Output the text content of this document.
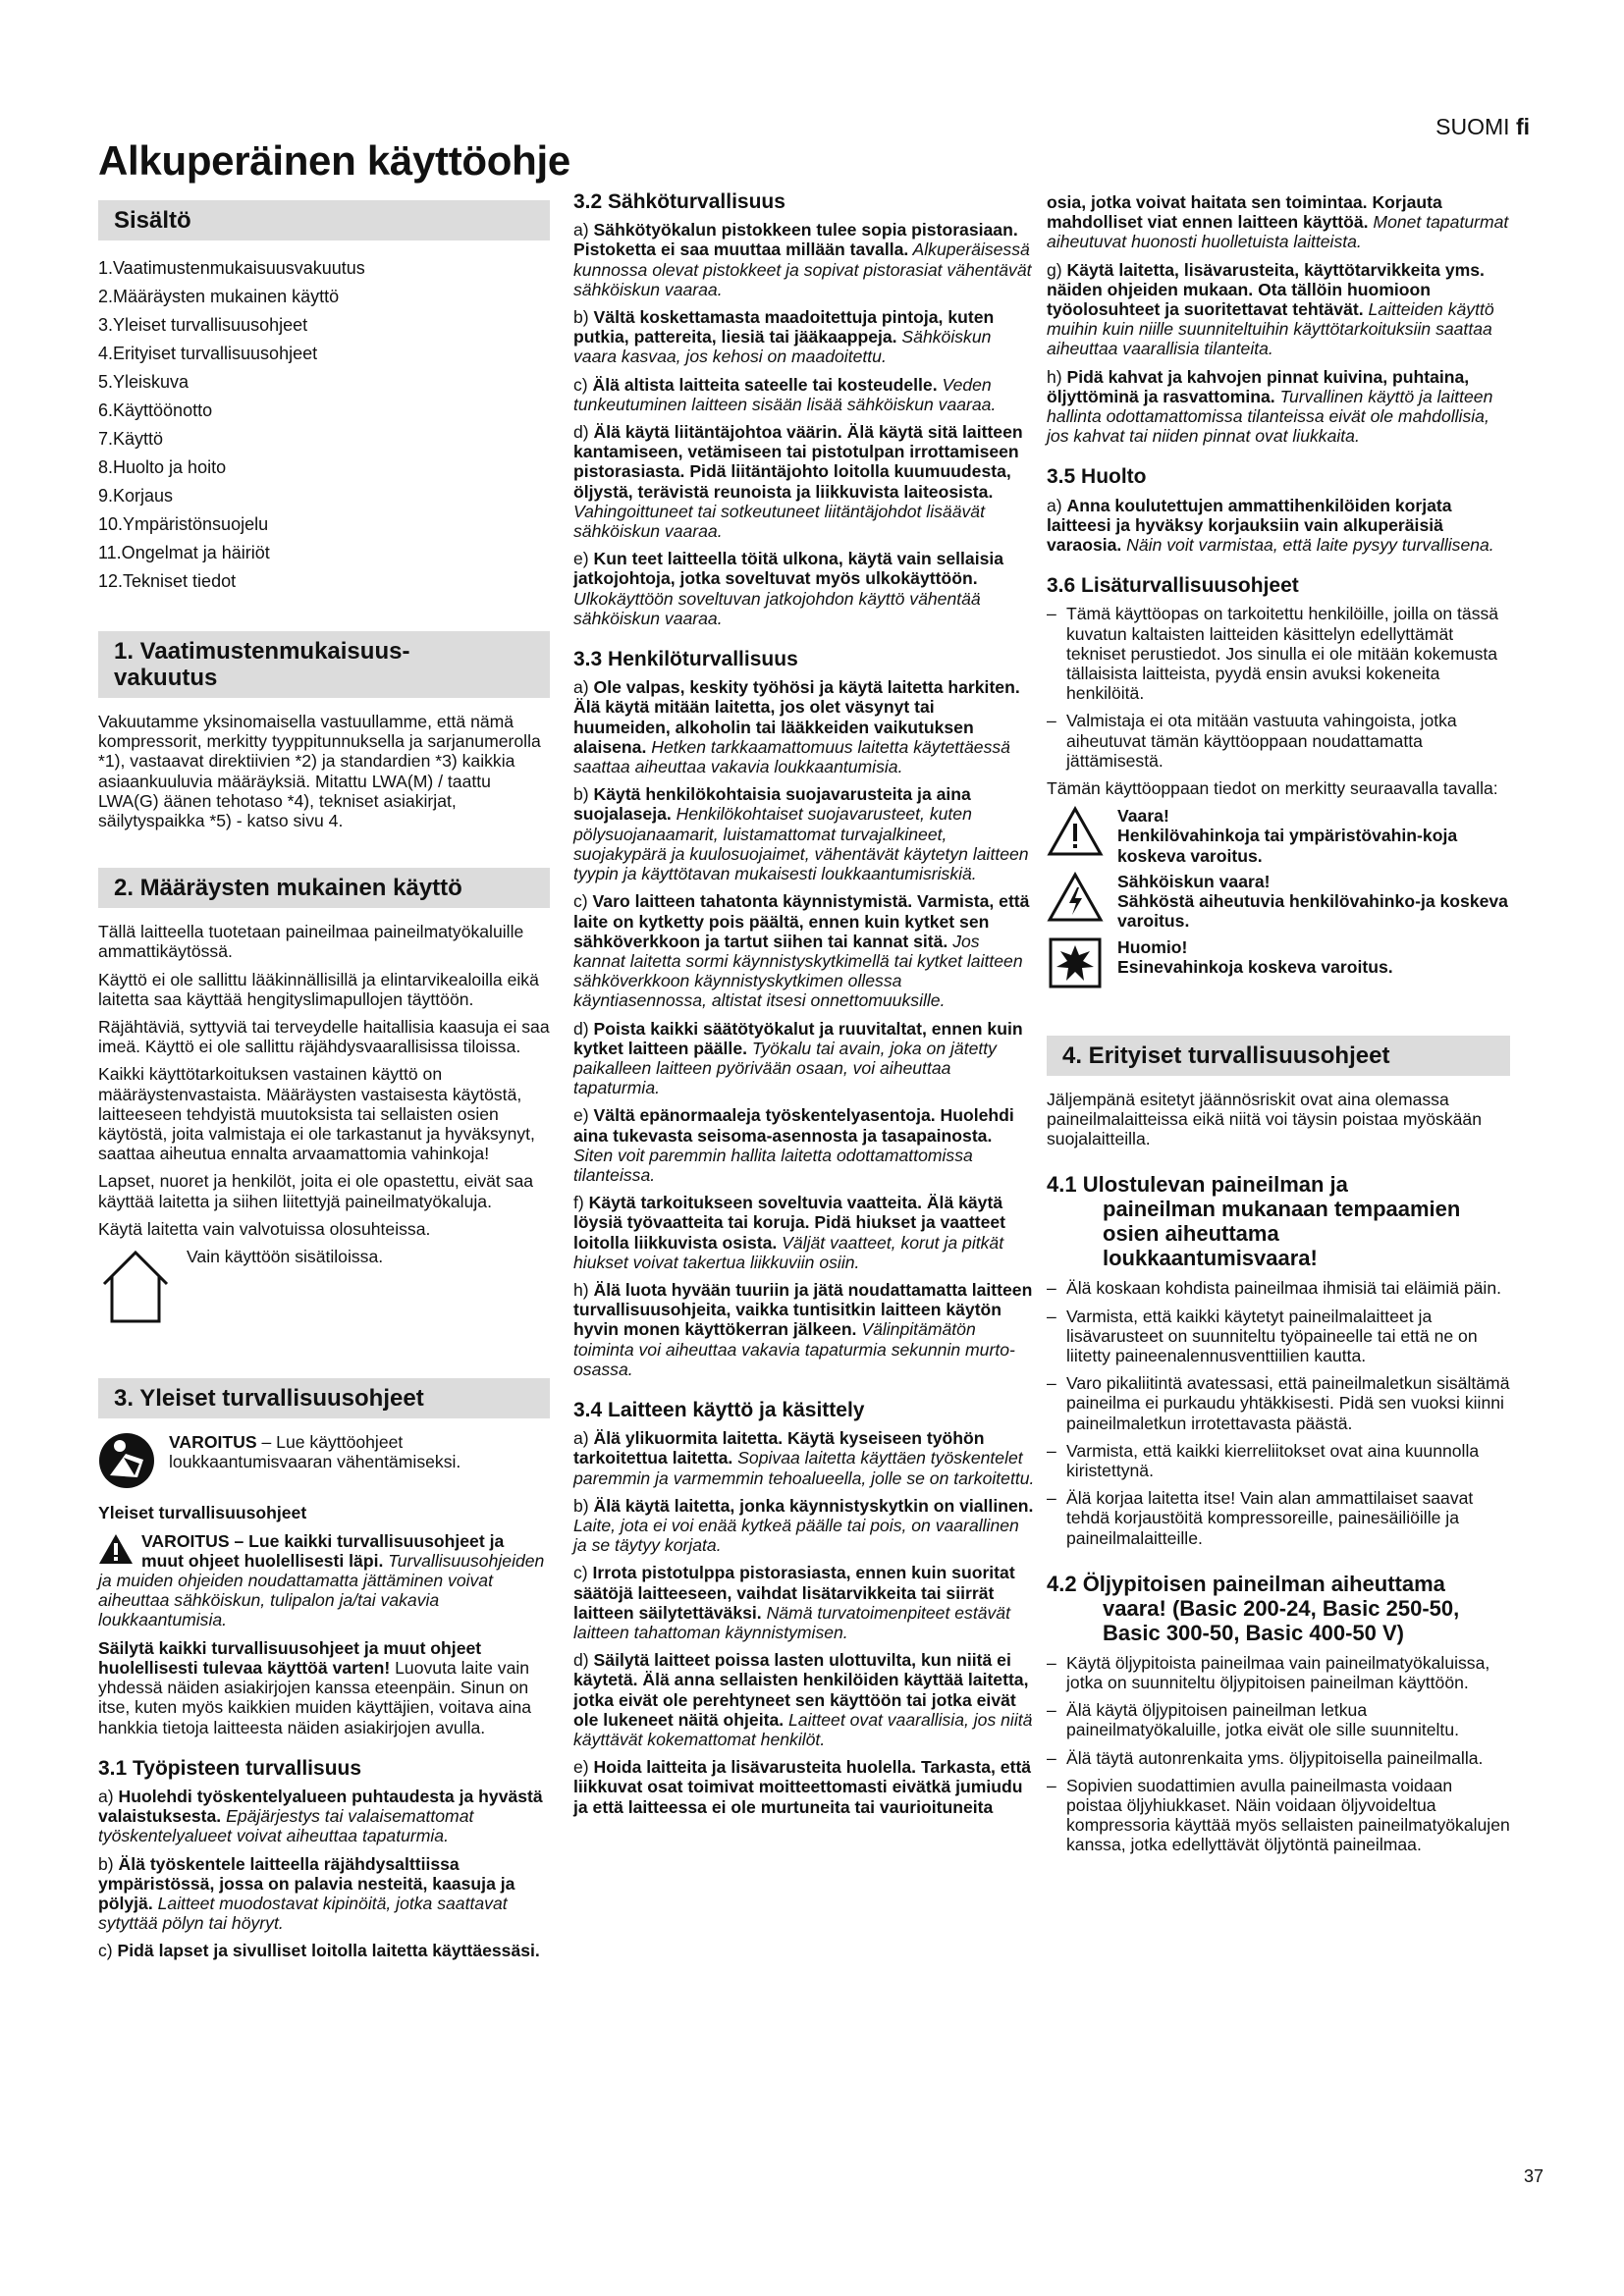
SUOMI fi
Alkuperäinen käyttöohje
37
Sisältö
1.Vaatimustenmukaisuusvakuutus
2.Määräysten mukainen käyttö
3.Yleiset turvallisuusohjeet
4.Erityiset turvallisuusohjeet
5.Yleiskuva
6.Käyttöönotto
7.Käyttö
8.Huolto ja hoito
9.Korjaus
10.Ympäristönsuojelu
11.Ongelmat ja häiriöt
12.Tekniset tiedot
1. Vaatimustenmukaisuus-
vakuutus

Vakuutamme yksinomaisella vastuullamme, että nämä kompressorit, merkitty tyyppitunnuksella ja sarjanumerolla *1), vastaavat direktiivien *2) ja standardien *3) kaikkia asiaankuuluvia määräyksiä. Mitattu LWA(M) / taattu LWA(G) äänen tehotaso *4), tekniset asiakirjat, säilytyspaikka *5) - katso sivu 4.

2. Määräysten mukainen käyttö

Tällä laitteella tuotetaan paineilmaa paineilmatyökaluille ammattikäytössä.

Käyttö ei ole sallittu lääkinnällisillä ja elintarvikealoilla eikä laitetta saa käyttää hengityslimapullojen täyttöön.

Räjähtäviä, syttyviä tai terveydelle haitallisia kaasuja ei saa imeä. Käyttö ei ole sallittu räjähdysvaarallisissa tiloissa.

Kaikki käyttötarkoituksen vastainen käyttö on määräystenvastaista. Määräysten vastaisesta käytöstä, laitteeseen tehdyistä muutoksista tai sellaisten osien käytöstä, joita valmistaja ei ole tarkastanut ja hyväksynyt, saattaa aiheutua ennalta arvaamattomia vahinkoja!

Lapset, nuoret ja henkilöt, joita ei ole opastettu, eivät saa käyttää laitetta ja siihen liitettyjä paineilmatyökaluja.

Käytä laitetta vain valvotuissa olosuhteissa.

Vain käyttöön sisätiloissa.
3. Yleiset turvallisuusohjeet
VAROITUS – Lue käyttöohjeet loukkaantumisvaaran vähentämiseksi.

Yleiset turvallisuusohjeet

VAROITUS – Lue kaikki turvallisuusohjeet ja muut ohjeet huolellisesti läpi. Turvallisuusohjeiden ja muiden ohjeiden noudattamatta jättäminen voivat aiheuttaa sähköiskun, tulipalon ja/tai vakavia loukkaantumisia.

Säilytä kaikki turvallisuusohjeet ja muut ohjeet huolellisesti tulevaa käyttöä varten! Luovuta laite vain yhdessä näiden asiakirjojen kanssa eteenpäin. Sinun on itse, kuten myös kaikkien muiden käyttäjien, voitava aina hankkia tietoja laitteesta näiden asiakirjojen avulla.

3.1 Työpisteen turvallisuus

a) Huolehdi työskentelyalueen puhtaudesta ja hyvästä valaistuksesta. Epäjärjestys tai valaisemattomat työskentelyalueet voivat aiheuttaa tapaturmia.

b) Älä työskentele laitteella räjähdysalttiissa ympäristössä, jossa on palavia nesteitä, kaasuja ja pölyjä. Laitteet muodostavat kipinöitä, jotka saattavat sytyttää pölyn tai höyryt.

c) Pidä lapset ja sivulliset loitolla laitetta käyttäessäsi.

3.2 Sähköturvallisuus

a) Sähkötyökalun pistokkeen tulee sopia pistorasiaan. Pistoketta ei saa muuttaa millään tavalla. Alkuperäisessä kunnossa olevat pistokkeet ja sopivat pistorasiat vähentävät sähköiskun vaaraa.

b) Vältä koskettamasta maadoitettuja pintoja, kuten putkia, pattereita, liesiä tai jääkaappeja. Sähköiskun vaara kasvaa, jos kehosi on maadoitettu.

c) Älä altista laitteita sateelle tai kosteudelle. Veden tunkeutuminen laitteen sisään lisää sähköiskun vaaraa.

d) Älä käytä liitäntäjohtoa väärin. Älä käytä sitä laitteen kantamiseen, vetämiseen tai pistotulpan irrottamiseen pistorasiasta. Pidä liitäntäjohto loitolla kuumuudesta, öljystä, terävistä reunoista ja liikkuvista laiteosista. Vahingoittuneet tai sotkeutuneet liitäntäjohdot lisäävät sähköiskun vaaraa.

e) Kun teet laitteella töitä ulkona, käytä vain sellaisia jatkojohtoja, jotka soveltuvat myös ulkokäyttöön. Ulkokäyttöön soveltuvan jatkojohdon käyttö vähentää sähköiskun vaaraa.

3.3 Henkilöturvallisuus

a) Ole valpas, keskity työhösi ja käytä laitetta harkiten. Älä käytä mitään laitetta, jos olet väsynyt tai huumeiden, alkoholin tai lääkkeiden vaikutuksen alaisena. Hetken tarkkaamattomuus laitetta käytettäessä saattaa aiheuttaa vakavia loukkaantumisia.

b) Käytä henkilökohtaisia suojavarusteita ja aina suojalaseja. Henkilökohtaiset suojavarusteet, kuten pölysuojanaamarit, luistamattomat turvajalkineet, suojakypärä ja kuulosuojaimet, vähentävät käytetyn laitteen tyypin ja käyttötavan mukaisesti loukkaantumisriskiä.

c) Varo laitteen tahatonta käynnistymistä. Varmista, että laite on kytketty pois päältä, ennen kuin kytket sen sähköverkkoon ja tartut siihen tai kannat sitä. Jos kannat laitetta sormi käynnistyskytkimellä tai kytket laitteen sähköverkkoon käynnistyskytkimen ollessa käyntiasennossa, altistat itsesi onnettomuuksille.

d) Poista kaikki säätötyökalut ja ruuvitaltat, ennen kuin kytket laitteen päälle. Työkalu tai avain, joka on jätetty paikalleen laitteen pyörivään osaan, voi aiheuttaa tapaturmia.

e) Vältä epänormaaleja työskentelyasentoja. Huolehdi aina tukevasta seisoma-asennosta ja tasapainosta. Siten voit paremmin hallita laitetta odottamattomissa tilanteissa.

f) Käytä tarkoitukseen soveltuvia vaatteita. Älä käytä löysiä työvaatteita tai koruja. Pidä hiukset ja vaatteet loitolla liikkuvista osista. Väljät vaatteet, korut ja pitkät hiukset voivat takertua liikkuviin osiin.

h) Älä luota hyvään tuuriin ja jätä noudattamatta laitteen turvallisuusohjeita, vaikka tuntisitkin laitteen käytön hyvin monen käyttökerran jälkeen. Välinpitämätön toiminta voi aiheuttaa vakavia tapaturmia sekunnin murto-osassa.

3.4 Laitteen käyttö ja käsittely

a) Älä ylikuormita laitetta. Käytä kyseiseen työhön tarkoitettua laitetta. Sopivaa laitetta käyttäen työskentelet paremmin ja varmemmin tehoalueella, jolle se on tarkoitettu.

b) Älä käytä laitetta, jonka käynnistyskytkin on viallinen. Laite, jota ei voi enää kytkeä päälle tai pois, on vaarallinen ja se täytyy korjata.

c) Irrota pistotulppa pistorasiasta, ennen kuin suoritat säätöjä laitteeseen, vaihdat lisätarvikkeita tai siirrät laitteen säilytettäväksi. Nämä turvatoimenpiteet estävät laitteen tahattoman käynnistymisen.

d) Säilytä laitteet poissa lasten ulottuvilta, kun niitä ei käytetä. Älä anna sellaisten henkilöiden käyttää laitetta, jotka eivät ole perehtyneet sen käyttöön tai jotka eivät ole lukeneet näitä ohjeita. Laitteet ovat vaarallisia, jos niitä käyttävät kokemattomat henkilöt.

e) Hoida laitteita ja lisävarusteita huolella. Tarkasta, että liikkuvat osat toimivat moitteettomasti eivätkä jumiudu ja että laitteessa ei ole murtuneita tai vaurioituneita

osia, jotka voivat haitata sen toimintaa. Korjauta mahdolliset viat ennen laitteen käyttöä. Monet tapaturmat aiheutuvat huonosti huolletuista laitteista.

g) Käytä laitetta, lisävarusteita, käyttötarvikkeita yms. näiden ohjeiden mukaan. Ota tällöin huomioon työolosuhteet ja suoritettavat tehtävät. Laitteiden käyttö muihin kuin niille suunniteltuihin käyttötarkoituksiin saattaa aiheuttaa vaarallisia tilanteita.

h) Pidä kahvat ja kahvojen pinnat kuivina, puhtaina, öljyttöminä ja rasvattomina. Turvallinen käyttö ja laitteen hallinta odottamattomissa tilanteissa eivät ole mahdollisia, jos kahvat tai niiden pinnat ovat liukkaita.

3.5 Huolto

a) Anna koulutettujen ammattihenkilöiden korjata laitteesi ja hyväksy korjauksiin vain alkuperäisiä varaosia. Näin voit varmistaa, että laite pysyy turvallisena.

3.6 Lisäturvallisuusohjeet
– Tämä käyttöopas on tarkoitettu henkilöille, joilla on tässä kuvatun kaltaisten laitteiden käsittelyn edellyttämät tekniset perustiedot. Jos sinulla ei ole mitään kokemusta tällaisista laitteista, pyydä ensin avuksi kokeneita henkilöitä.
– Valmistaja ei ota mitään vastuuta vahingoista, jotka aiheutuvat tämän käyttöoppaan noudattamatta jättämisestä.

Tämän käyttöoppaan tiedot on merkitty seuraavalla tavalla:

Vaara!
Henkilövahinkoja tai ympäristövahin-koja koskeva varoitus.
Sähköiskun vaara!
Sähköstä aiheutuvia henkilövahinko-ja koskeva varoitus.
Huomio!
Esinevahinkoja koskeva varoitus.
4. Erityiset turvallisuusohjeet

Jäljempänä esitetyt jäännösriskit ovat aina olemassa paineilmalaitteissa eikä niitä voi täysin poistaa myöskään suojalaitteilla.

4.1 Ulostulevan paineilman ja
paineilman mukanaan tempaamien
osien aiheuttama
loukkaantumisvaara!
– Älä koskaan kohdista paineilmaa ihmisiä tai eläimiä päin.
– Varmista, että kaikki käytetyt paineilmalaitteet ja lisävarusteet on suunniteltu työpaineelle tai että ne on liitetty paineenalennusventtiilien kautta.
– Varo pikaliitintä avatessasi, että paineilmaletkun sisältämä paineilma ei purkaudu yhtäkkisesti. Pidä sen vuoksi kiinni paineilmaletkun irrotettavasta päästä.
– Varmista, että kaikki kierreliitokset ovat aina kuunnolla kiristettynä.
– Älä korjaa laitetta itse! Vain alan ammattilaiset saavat tehdä korjaustöitä kompressoreille, painesäiliöille ja paineilmalaitteille.
4.2 Öljypitoisen paineilman aiheuttama
vaara! (Basic 200-24, Basic 250-50,
Basic 300-50, Basic 400-50 V)
– Käytä öljypitoista paineilmaa vain paineilmatyökaluissa, jotka on suunniteltu öljypitoisen paineilman käyttöön.
– Älä käytä öljypitoisen paineilman letkua paineilmatyökaluille, jotka eivät ole sille suunniteltu.
– Älä täytä autonrenkaita yms. öljypitoisella paineilmalla.
– Sopivien suodattimien avulla paineilmasta voidaan poistaa öljyhiukkaset. Näin voidaan öljyvoideltua kompressoria käyttää myös sellaisten paineilmatyökalujen kanssa, jotka edellyttävät öljytöntä paineilmaa.
